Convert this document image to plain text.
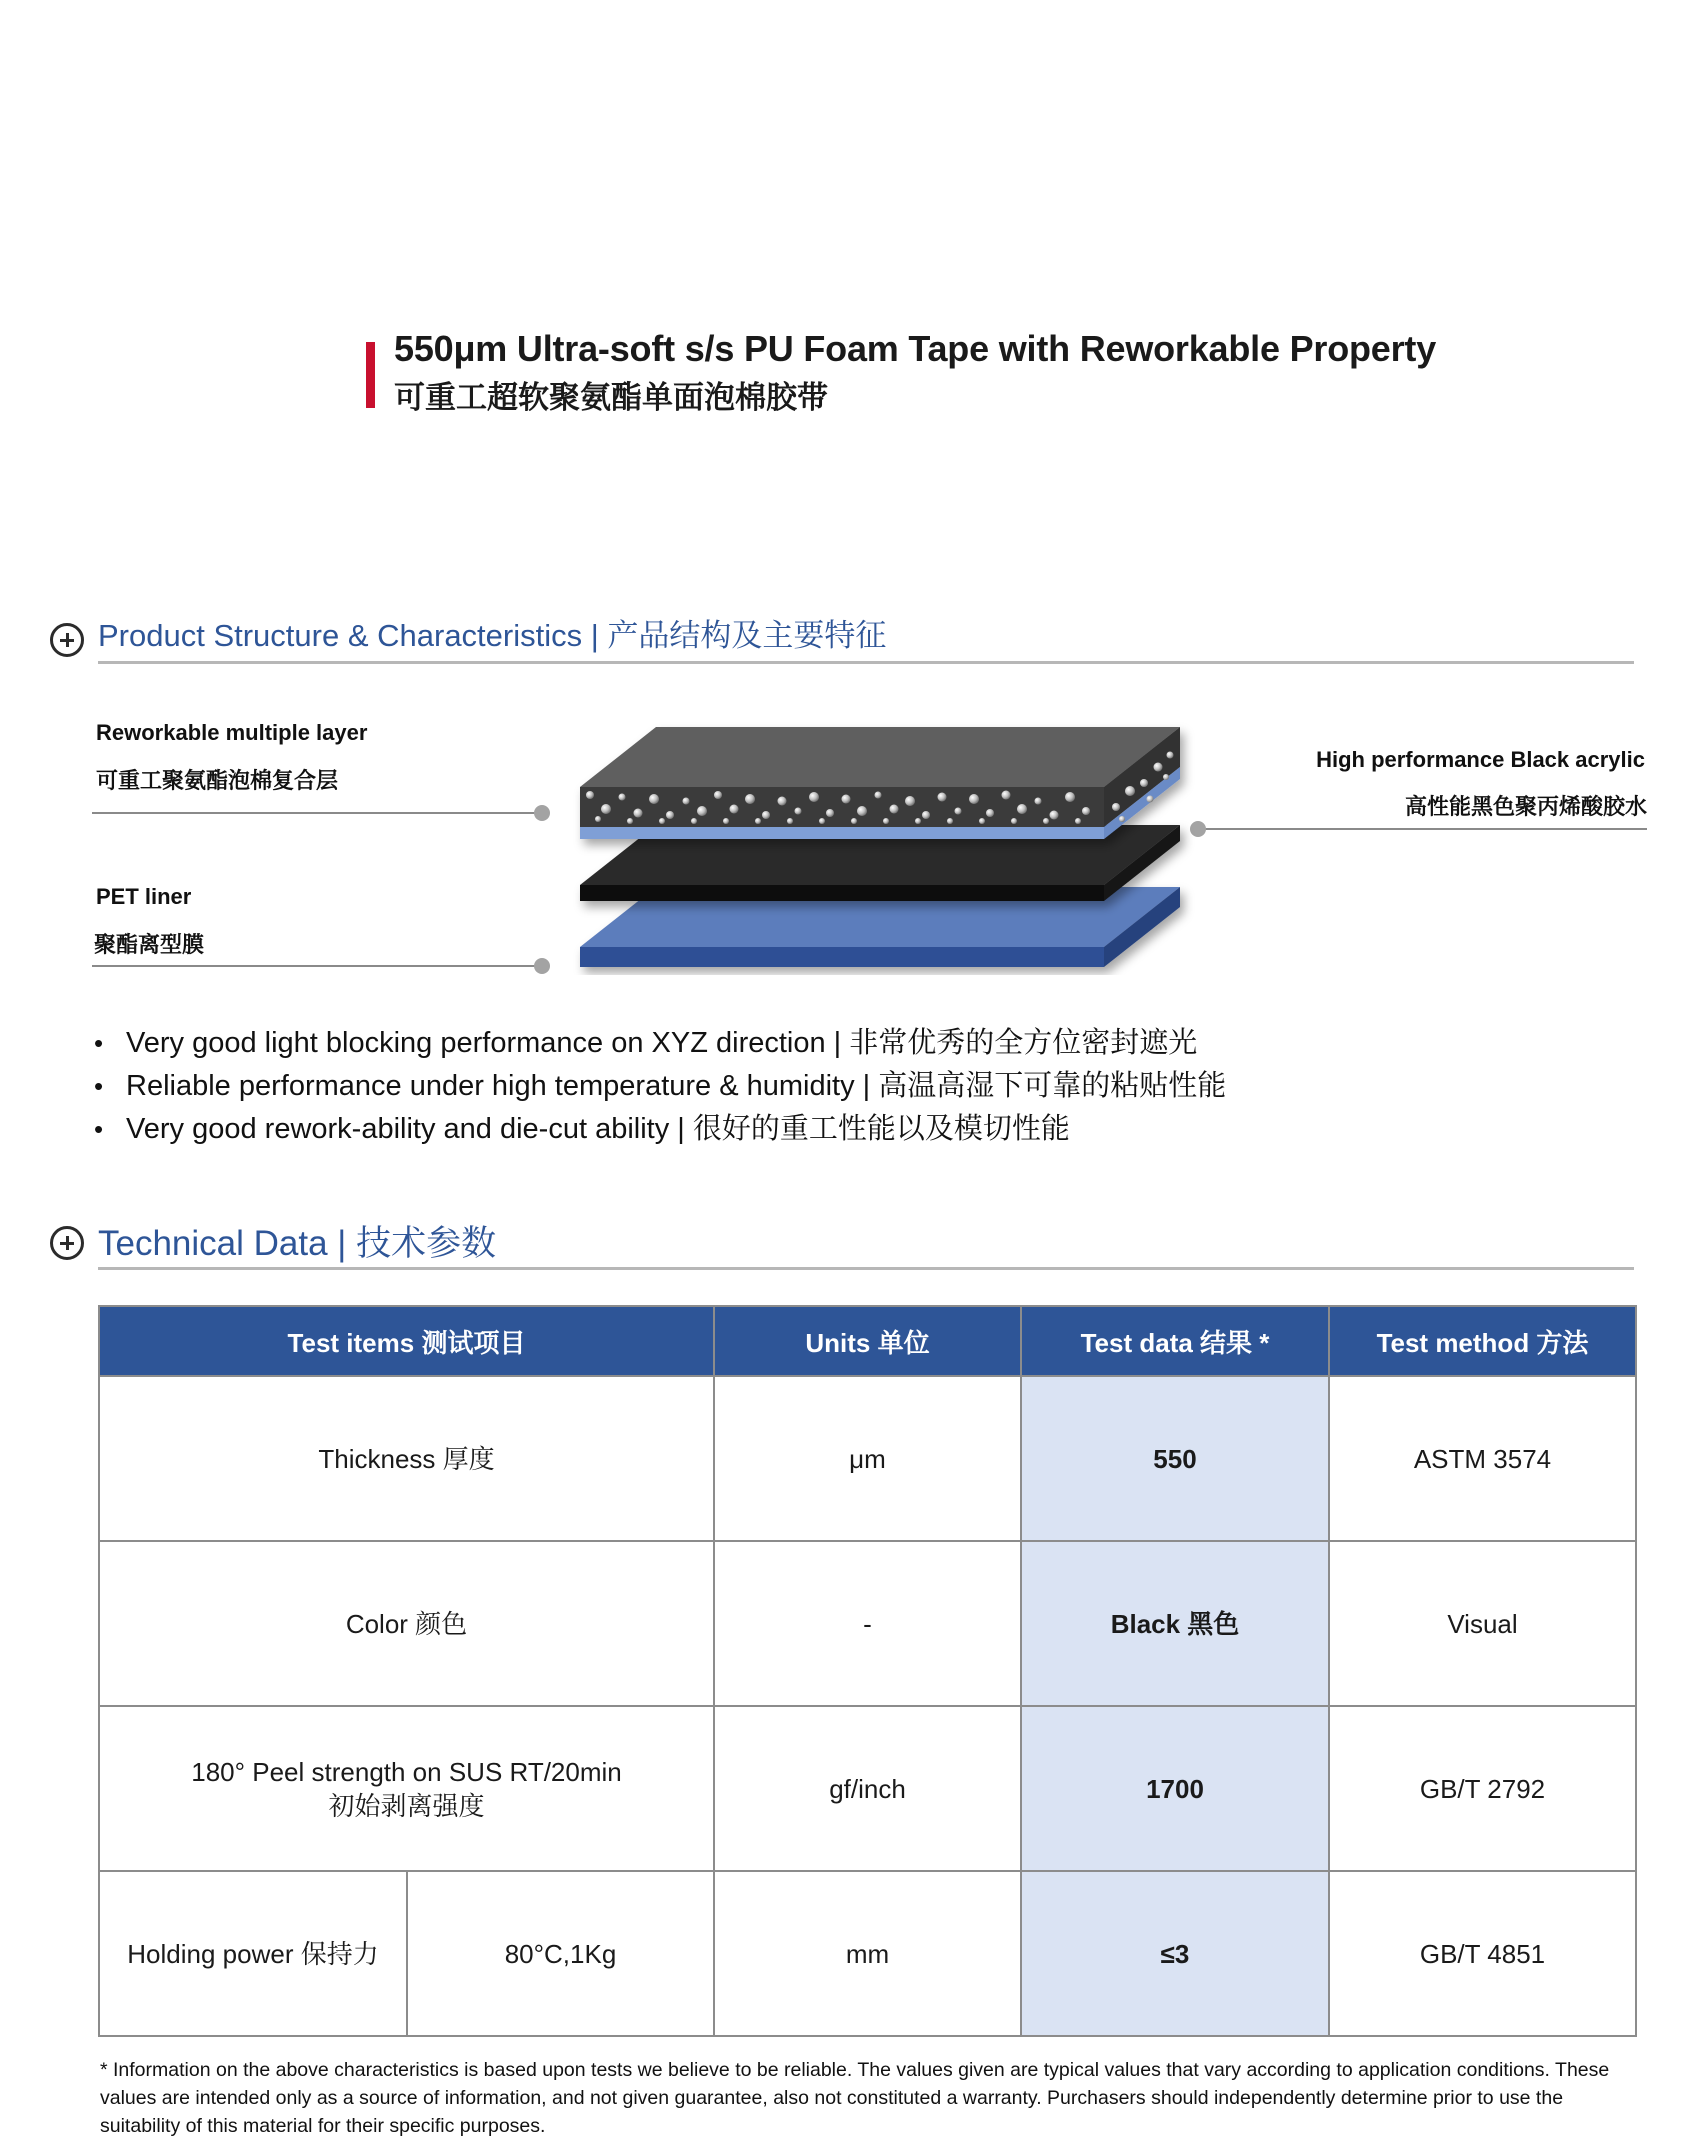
550μm Ultra-soft s/s PU Foam Tape with Reworkable Property
可重工超软聚氨酯单面泡棉胶带
Product Structure & Characteristics | 产品结构及主要特征
Reworkable multiple layer
可重工聚氨酯泡棉复合层
PET liner
聚酯离型膜
High performance Black acrylic
高性能黑色聚丙烯酸胶水
• Very good light blocking performance on XYZ direction | 非常优秀的全方位密封遮光
• Reliable performance under high temperature & humidity | 高温高湿下可靠的粘贴性能
• Very good rework-ability and die-cut ability | 很好的重工性能以及模切性能
Technical Data | 技术参数
Test items 测试项目		Units 单位	Test data 结果 *	Test method 方法
Thickness 厚度		μm	550	ASTM 3574
Color 颜色		-	Black 黑色	Visual

180° Peel strength on SUS RT/20min
初始剥离强度		gf/inch	1700	GB/T 2792
Holding power 保持力	80°C,1Kg	mm	≤3	GB/T 4851
* Information on the above characteristics is based upon tests we believe to be reliable. The values given are typical values that vary according to application conditions. These values are intended only as a source of information, and not given guarantee, also not constituted a warranty. Purchasers should independently determine prior to use the suitability of this material for their specific purposes.
